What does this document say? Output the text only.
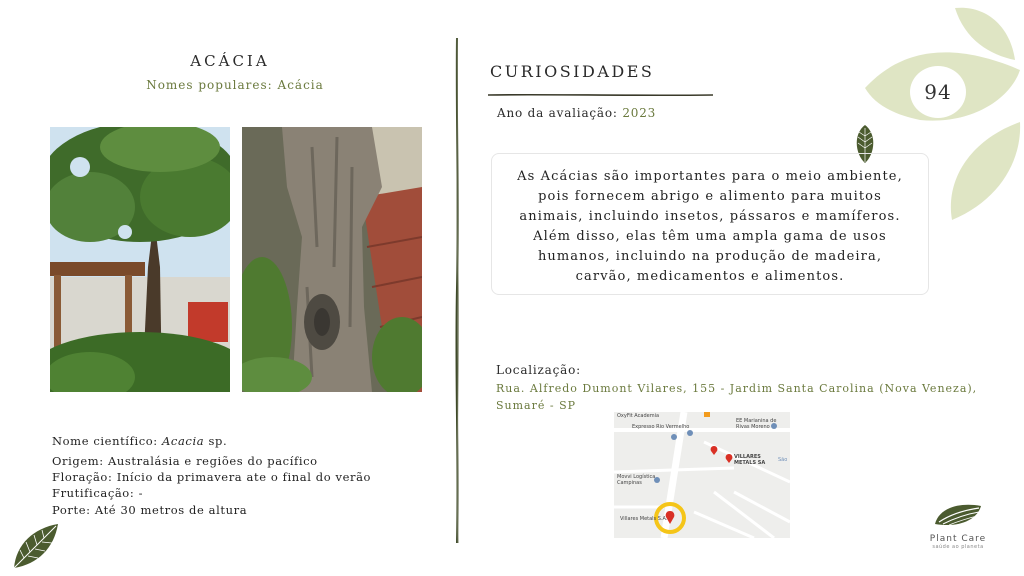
ACÁCIA
Nomes populares: Acácia
Nome científico: Acacia sp.
Origem: Australásia e regiões do pacífico
Floração: Início da primavera ate o final do verão
Frutificação: -
Porte: Até 30 metros de altura
CURIOSIDADES
Ano da avaliação: 2023
As Acácias são importantes para o meio ambiente, pois fornecem abrigo e alimento para muitos animais, incluindo insetos, pássaros e mamíferos. Além disso, elas têm uma ampla gama de usos humanos, incluindo na produção de madeira, carvão, medicamentos e alimentos.
Localização:
Rua. Alfredo Dumont Vilares, 155 - Jardim Santa Carolina (Nova Veneza),
Sumaré - SP
OxyFit Academia
Expresso Rio Vermelho
EE Marianina de Rivas Moreno
VILLARES METALS SA
Movvi Logística Campinas
Villares Metals S.A.
São
94
Plant Care
saúde ao planeta
